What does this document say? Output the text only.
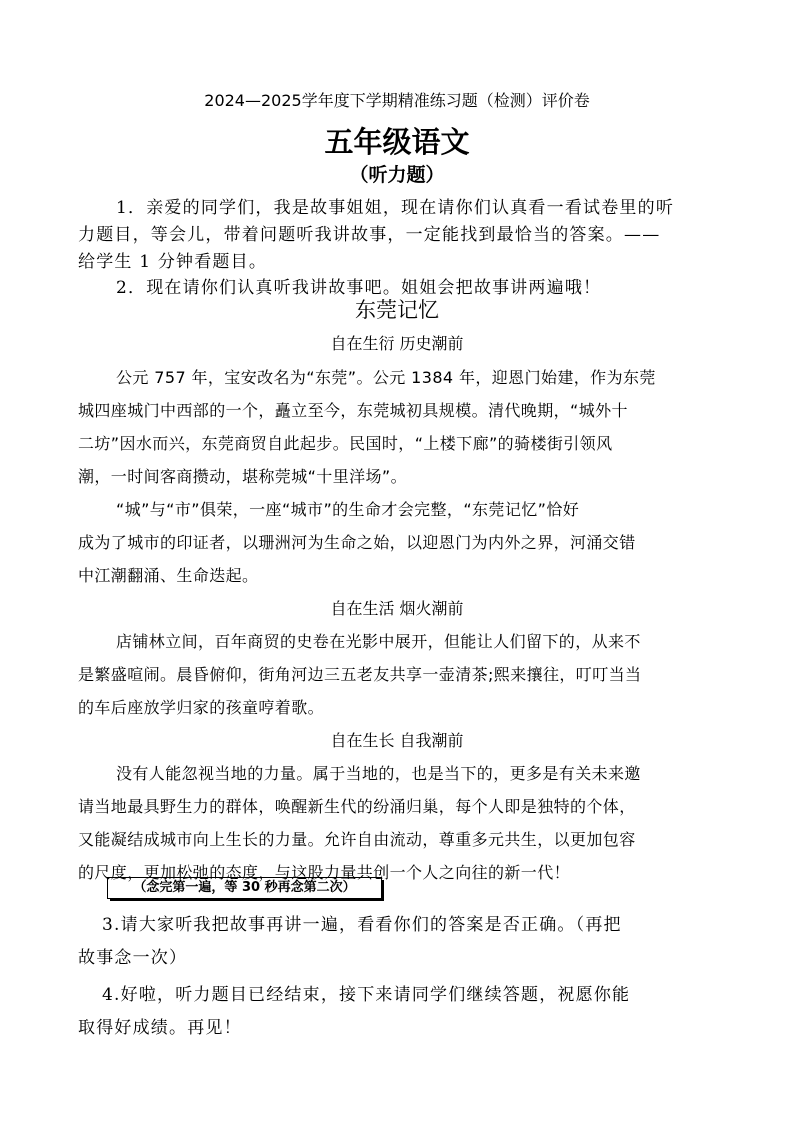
2024—2025学年度下学期精准练习题（检测）评价卷
五年级语文
（听力题）
1．亲爱的同学们，我是故事姐姐，现在请你们认真看一看试卷里的听
力题目，等会儿，带着问题听我讲故事，一定能找到最恰当的答案。——
给学生 1 分钟看题目。
2．现在请你们认真听我讲故事吧。姐姐会把故事讲两遍哦！
东莞记忆
自在生衍 历史潮前
公元 757 年，宝安改名为“东莞”。公元 1384 年，迎恩门始建，作为东莞
城四座城门中西部的一个，矗立至今，东莞城初具规模。清代晚期，“城外十
二坊”因水而兴，东莞商贸自此起步。民国时，“上楼下廊”的骑楼街引领风
潮，一时间客商攒动，堪称莞城“十里洋场”。
“城”与“市”俱荣，一座“城市”的生命才会完整，“东莞记忆”恰好
成为了城市的印证者，以珊洲河为生命之始，以迎恩门为内外之界，河涌交错
中江潮翻涌、生命迭起。
自在生活 烟火潮前
店铺林立间，百年商贸的史卷在光影中展开，但能让人们留下的，从来不
是繁盛喧闹。晨昏俯仰，街角河边三五老友共享一壶清茶;熙来攘往，叮叮当当
的车后座放学归家的孩童哼着歌。
自在生长 自我潮前
没有人能忽视当地的力量。属于当地的，也是当下的，更多是有关未来邀
请当地最具野生力的群体，唤醒新生代的纷涌归巢，每个人即是独特的个体，
又能凝结成城市向上生长的力量。允许自由流动，尊重多元共生，以更加包容
的尺度，更加松弛的态度，与这股力量共创一个人之向往的新一代！
（念完第一遍，等 30 秒再念第二次）
3.请大家听我把故事再讲一遍，看看你们的答案是否正确。（再把
故事念一次）
4.好啦，听力题目已经结束，接下来请同学们继续答题，祝愿你能
取得好成绩。再见！
